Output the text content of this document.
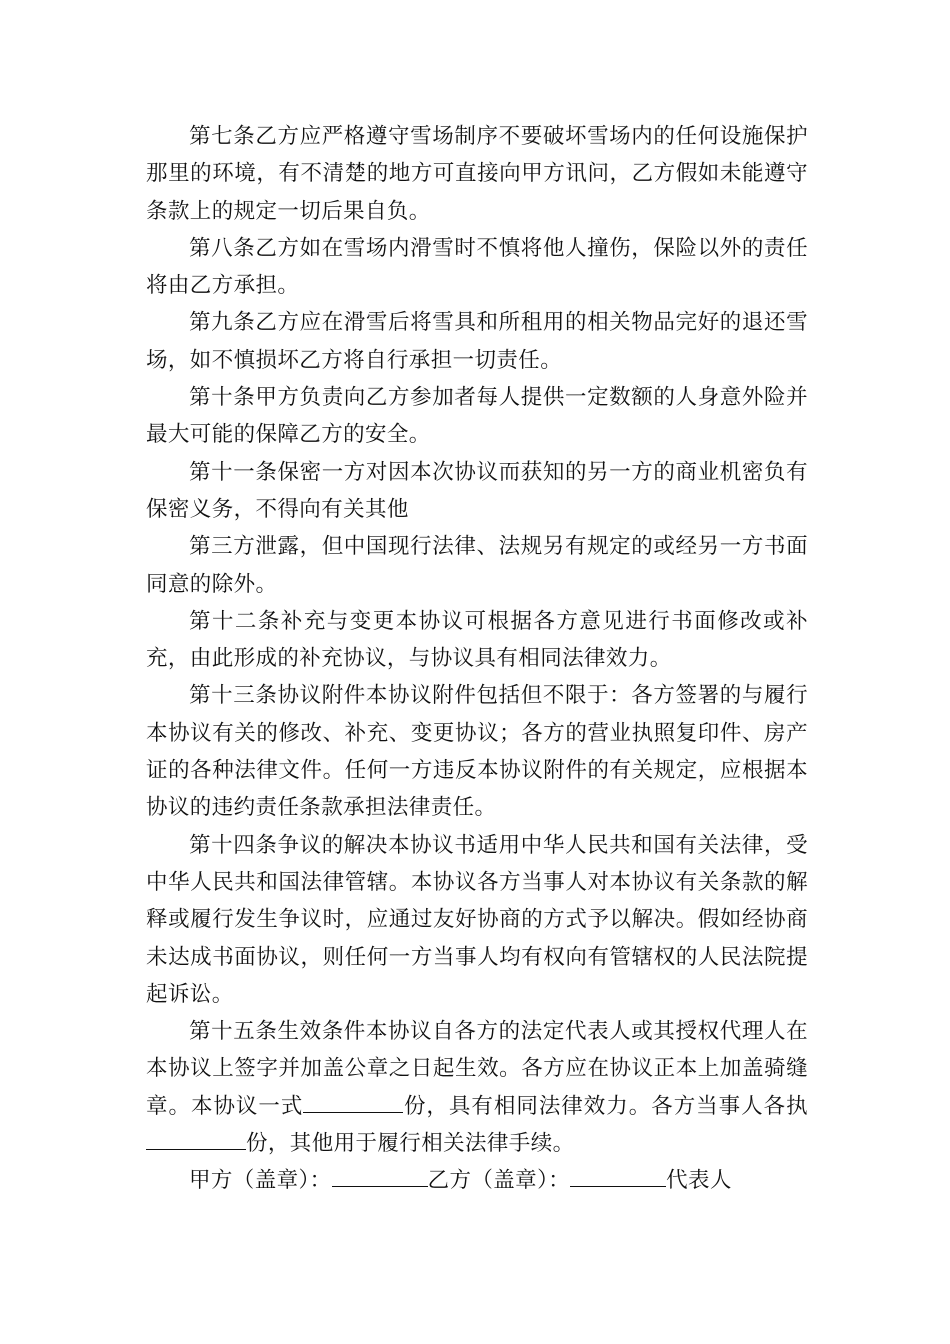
第七条乙方应严格遵守雪场制序不要破坏雪场内的任何设施保护那里的环境，有不清楚的地方可直接向甲方讯问，乙方假如未能遵守条款上的规定一切后果自负。

第八条乙方如在雪场内滑雪时不慎将他人撞伤，保险以外的责任将由乙方承担。

第九条乙方应在滑雪后将雪具和所租用的相关物品完好的退还雪场，如不慎损坏乙方将自行承担一切责任。

第十条甲方负责向乙方参加者每人提供一定数额的人身意外险并最大可能的保障乙方的安全。

第十一条保密一方对因本次协议而获知的另一方的商业机密负有保密义务，不得向有关其他

第三方泄露，但中国现行法律、法规另有规定的或经另一方书面同意的除外。

第十二条补充与变更本协议可根据各方意见进行书面修改或补充，由此形成的补充协议，与协议具有相同法律效力。

第十三条协议附件本协议附件包括但不限于：各方签署的与履行本协议有关的修改、补充、变更协议；各方的营业执照复印件、房产证的各种法律文件。任何一方违反本协议附件的有关规定，应根据本协议的违约责任条款承担法律责任。

第十四条争议的解决本协议书适用中华人民共和国有关法律，受中华人民共和国法律管辖。本协议各方当事人对本协议有关条款的解释或履行发生争议时，应通过友好协商的方式予以解决。假如经协商未达成书面协议，则任何一方当事人均有权向有管辖权的人民法院提起诉讼。

第十五条生效条件本协议自各方的法定代表人或其授权代理人在本协议上签字并加盖公章之日起生效。各方应在协议正本上加盖骑缝章。本协议一式	份，具有相同法律效力。各方当事人各执份，其他用于履行相关法律手续。

甲方（盖章）：	乙方（盖章）：	代表人
